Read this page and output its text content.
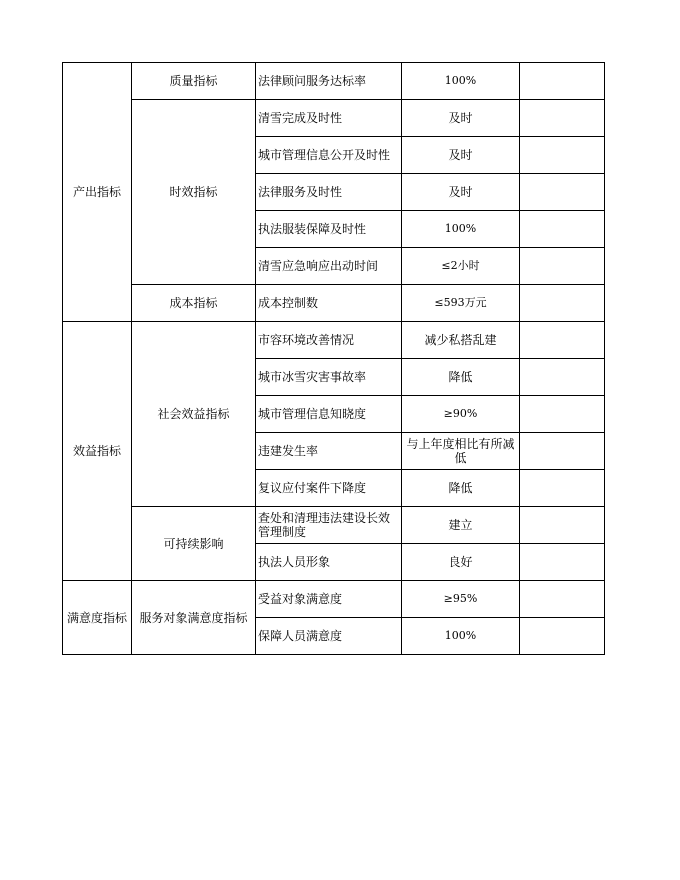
产出指标	质量指标	法律顾问服务达标率	100%	
	时效指标	清雪完成及时性	及时	
		城市管理信息公开及时性	及时	
		法律服务及时性	及时	
		执法服装保障及时性	100%	
		清雪应急响应出动时间	≤2小时	
	成本指标	成本控制数	≤593万元	
效益指标	社会效益指标	市容环境改善情况	减少私搭乱建	
		城市冰雪灾害事故率	降低	
		城市管理信息知晓度	≥90%	
		违建发生率	与上年度相比有所减低	
		复议应付案件下降度	降低	
	可持续影响	查处和清理违法建设长效管理制度	建立	
		执法人员形象	良好	
满意度指标	服务对象满意度指标	受益对象满意度	≥95%	
		保障人员满意度	100%	
